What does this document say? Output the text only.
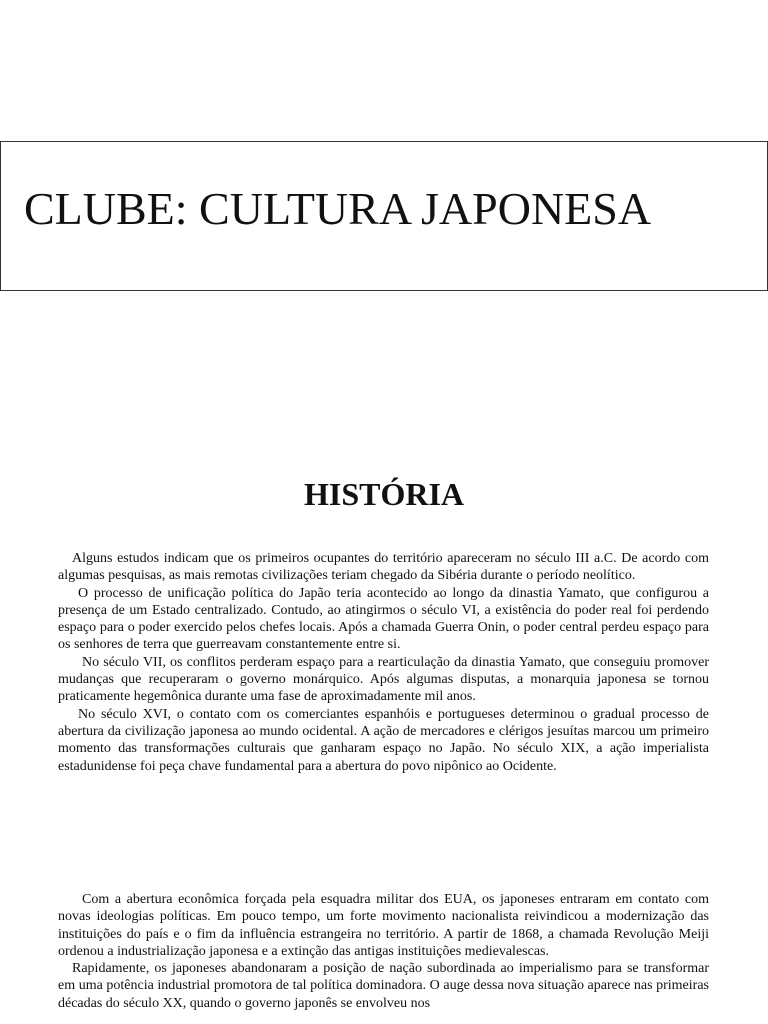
CLUBE: CULTURA JAPONESA
HISTÓRIA

Alguns estudos indicam que os primeiros ocupantes do território apareceram no século III a.C. De acordo com algumas pesquisas, as mais remotas civilizações teriam chegado da Sibéria durante o período neolítico.

O processo de unificação política do Japão teria acontecido ao longo da dinastia Yamato, que configurou a presença de um Estado centralizado. Contudo, ao atingirmos o século VI, a existência do poder real foi perdendo espaço para o poder exercido pelos chefes locais. Após a chamada Guerra Onin, o poder central perdeu espaço para os senhores de terra que guerreavam constantemente entre si.

No século VII, os conflitos perderam espaço para a rearticulação da dinastia Yamato, que conseguiu promover mudanças que recuperaram o governo monárquico. Após algumas disputas, a monarquia japonesa se tornou praticamente hegemônica durante uma fase de aproximadamente mil anos.

No século XVI, o contato com os comerciantes espanhóis e portugueses determinou o gradual processo de abertura da civilização japonesa ao mundo ocidental. A ação de mercadores e clérigos jesuítas marcou um primeiro momento das transformações culturais que ganharam espaço no Japão. No século XIX, a ação imperialista estadunidense foi peça chave fundamental para a abertura do povo nipônico ao Ocidente.

Com a abertura econômica forçada pela esquadra militar dos EUA, os japoneses entraram em contato com novas ideologias políticas. Em pouco tempo, um forte movimento nacionalista reivindicou a modernização das instituições do país e o fim da influência estrangeira no território. A partir de 1868, a chamada Revolução Meiji ordenou a industrialização japonesa e a extinção das antigas instituições medievalescas.

Rapidamente, os japoneses abandonaram a posição de nação subordinada ao imperialismo para se transformar em uma potência industrial promotora de tal política dominadora. O auge dessa nova situação aparece nas primeiras décadas do século XX, quando o governo japonês se envolveu nos
